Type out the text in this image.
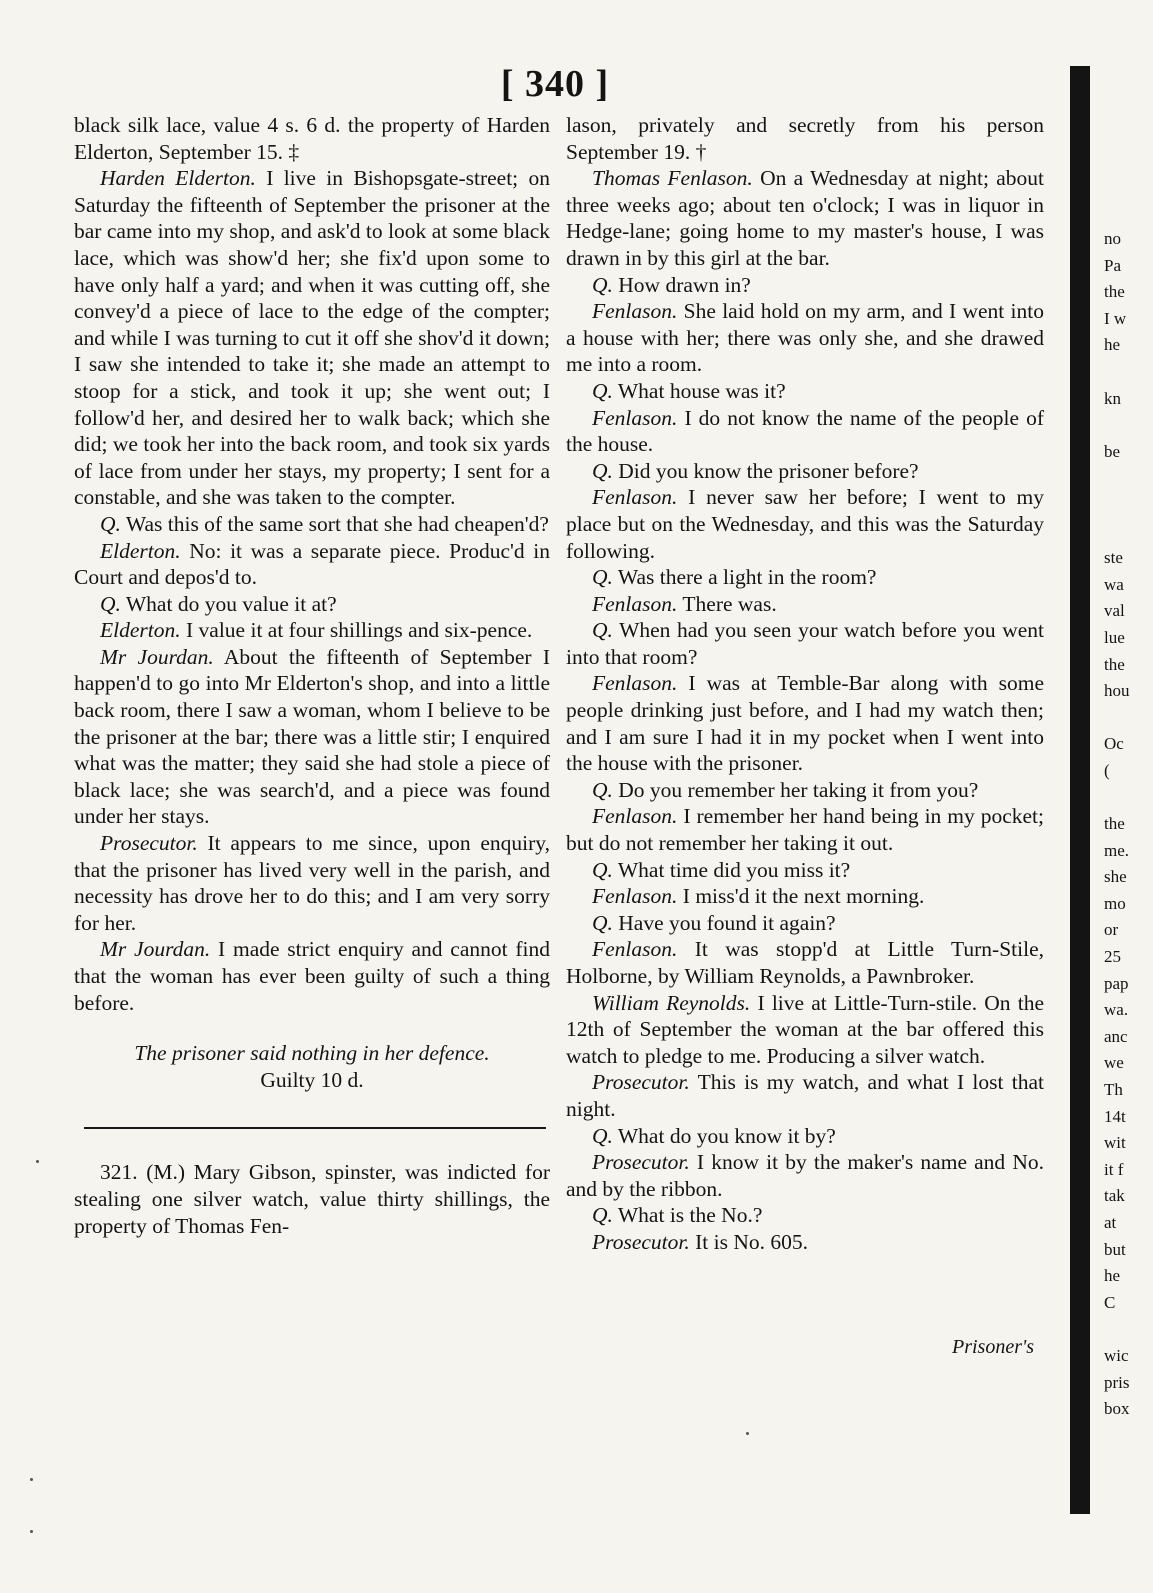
[ 340 ]

black silk lace, value 4 s. 6 d. the property of Harden Elderton, September 15. ‡

Harden Elderton. I live in Bishopsgate-street; on Saturday the fifteenth of September the prisoner at the bar came into my shop, and ask'd to look at some black lace, which was show'd her; she fix'd upon some to have only half a yard; and when it was cutting off, she convey'd a piece of lace to the edge of the compter; and while I was turning to cut it off she shov'd it down; I saw she intended to take it; she made an attempt to stoop for a stick, and took it up; she went out; I follow'd her, and desired her to walk back; which she did; we took her into the back room, and took six yards of lace from under her stays, my property; I sent for a constable, and she was taken to the compter.

Q. Was this of the same sort that she had cheapen'd?

Elderton. No: it was a separate piece. Produc'd in Court and depos'd to.

Q. What do you value it at?

Elderton. I value it at four shillings and six-pence.

Mr Jourdan. About the fifteenth of September I happen'd to go into Mr Elderton's shop, and into a little back room, there I saw a woman, whom I believe to be the prisoner at the bar; there was a little stir; I enquired what was the matter; they said she had stole a piece of black lace; she was search'd, and a piece was found under her stays.

Prosecutor. It appears to me since, upon enquiry, that the prisoner has lived very well in the parish, and necessity has drove her to do this; and I am very sorry for her.

Mr Jourdan. I made strict enquiry and cannot find that the woman has ever been guilty of such a thing before.

The prisoner said nothing in her defence.

Guilty 10 d.

321. (M.) Mary Gibson, spinster, was indicted for stealing one silver watch, value thirty shillings, the property of Thomas Fen-

lason, privately and secretly from his person September 19. †

Thomas Fenlason. On a Wednesday at night; about three weeks ago; about ten o'clock; I was in liquor in Hedge-lane; going home to my master's house, I was drawn in by this girl at the bar.

Q. How drawn in?

Fenlason. She laid hold on my arm, and I went into a house with her; there was only she, and she drawed me into a room.

Q. What house was it?

Fenlason. I do not know the name of the people of the house.

Q. Did you know the prisoner before?

Fenlason. I never saw her before; I went to my place but on the Wednesday, and this was the Saturday following.

Q. Was there a light in the room?

Fenlason. There was.

Q. When had you seen your watch before you went into that room?

Fenlason. I was at Temble-Bar along with some people drinking just before, and I had my watch then; and I am sure I had it in my pocket when I went into the house with the prisoner.

Q. Do you remember her taking it from you?

Fenlason. I remember her hand being in my pocket; but do not remember her taking it out.

Q. What time did you miss it?

Fenlason. I miss'd it the next morning.

Q. Have you found it again?

Fenlason. It was stopp'd at Little Turn-Stile, Holborne, by William Reynolds, a Pawnbroker.

William Reynolds. I live at Little-Turn-stile. On the 12th of September the woman at the bar offered this watch to pledge to me. Producing a silver watch.

Prosecutor. This is my watch, and what I lost that night.

Q. What do you know it by?

Prosecutor. I know it by the maker's name and No. and by the ribbon.

Q. What is the No.?

Prosecutor. It is No. 605.

Prisoner's
no
Pa
the
I w
he
kn
be
ste
wa
val
lue
the
hou
Oc
(
the
me.
she
mo
or
25
pap
wa.
anc
we
Th
14t
wit
it f
tak
at
but
he
C
wic
pris
box
